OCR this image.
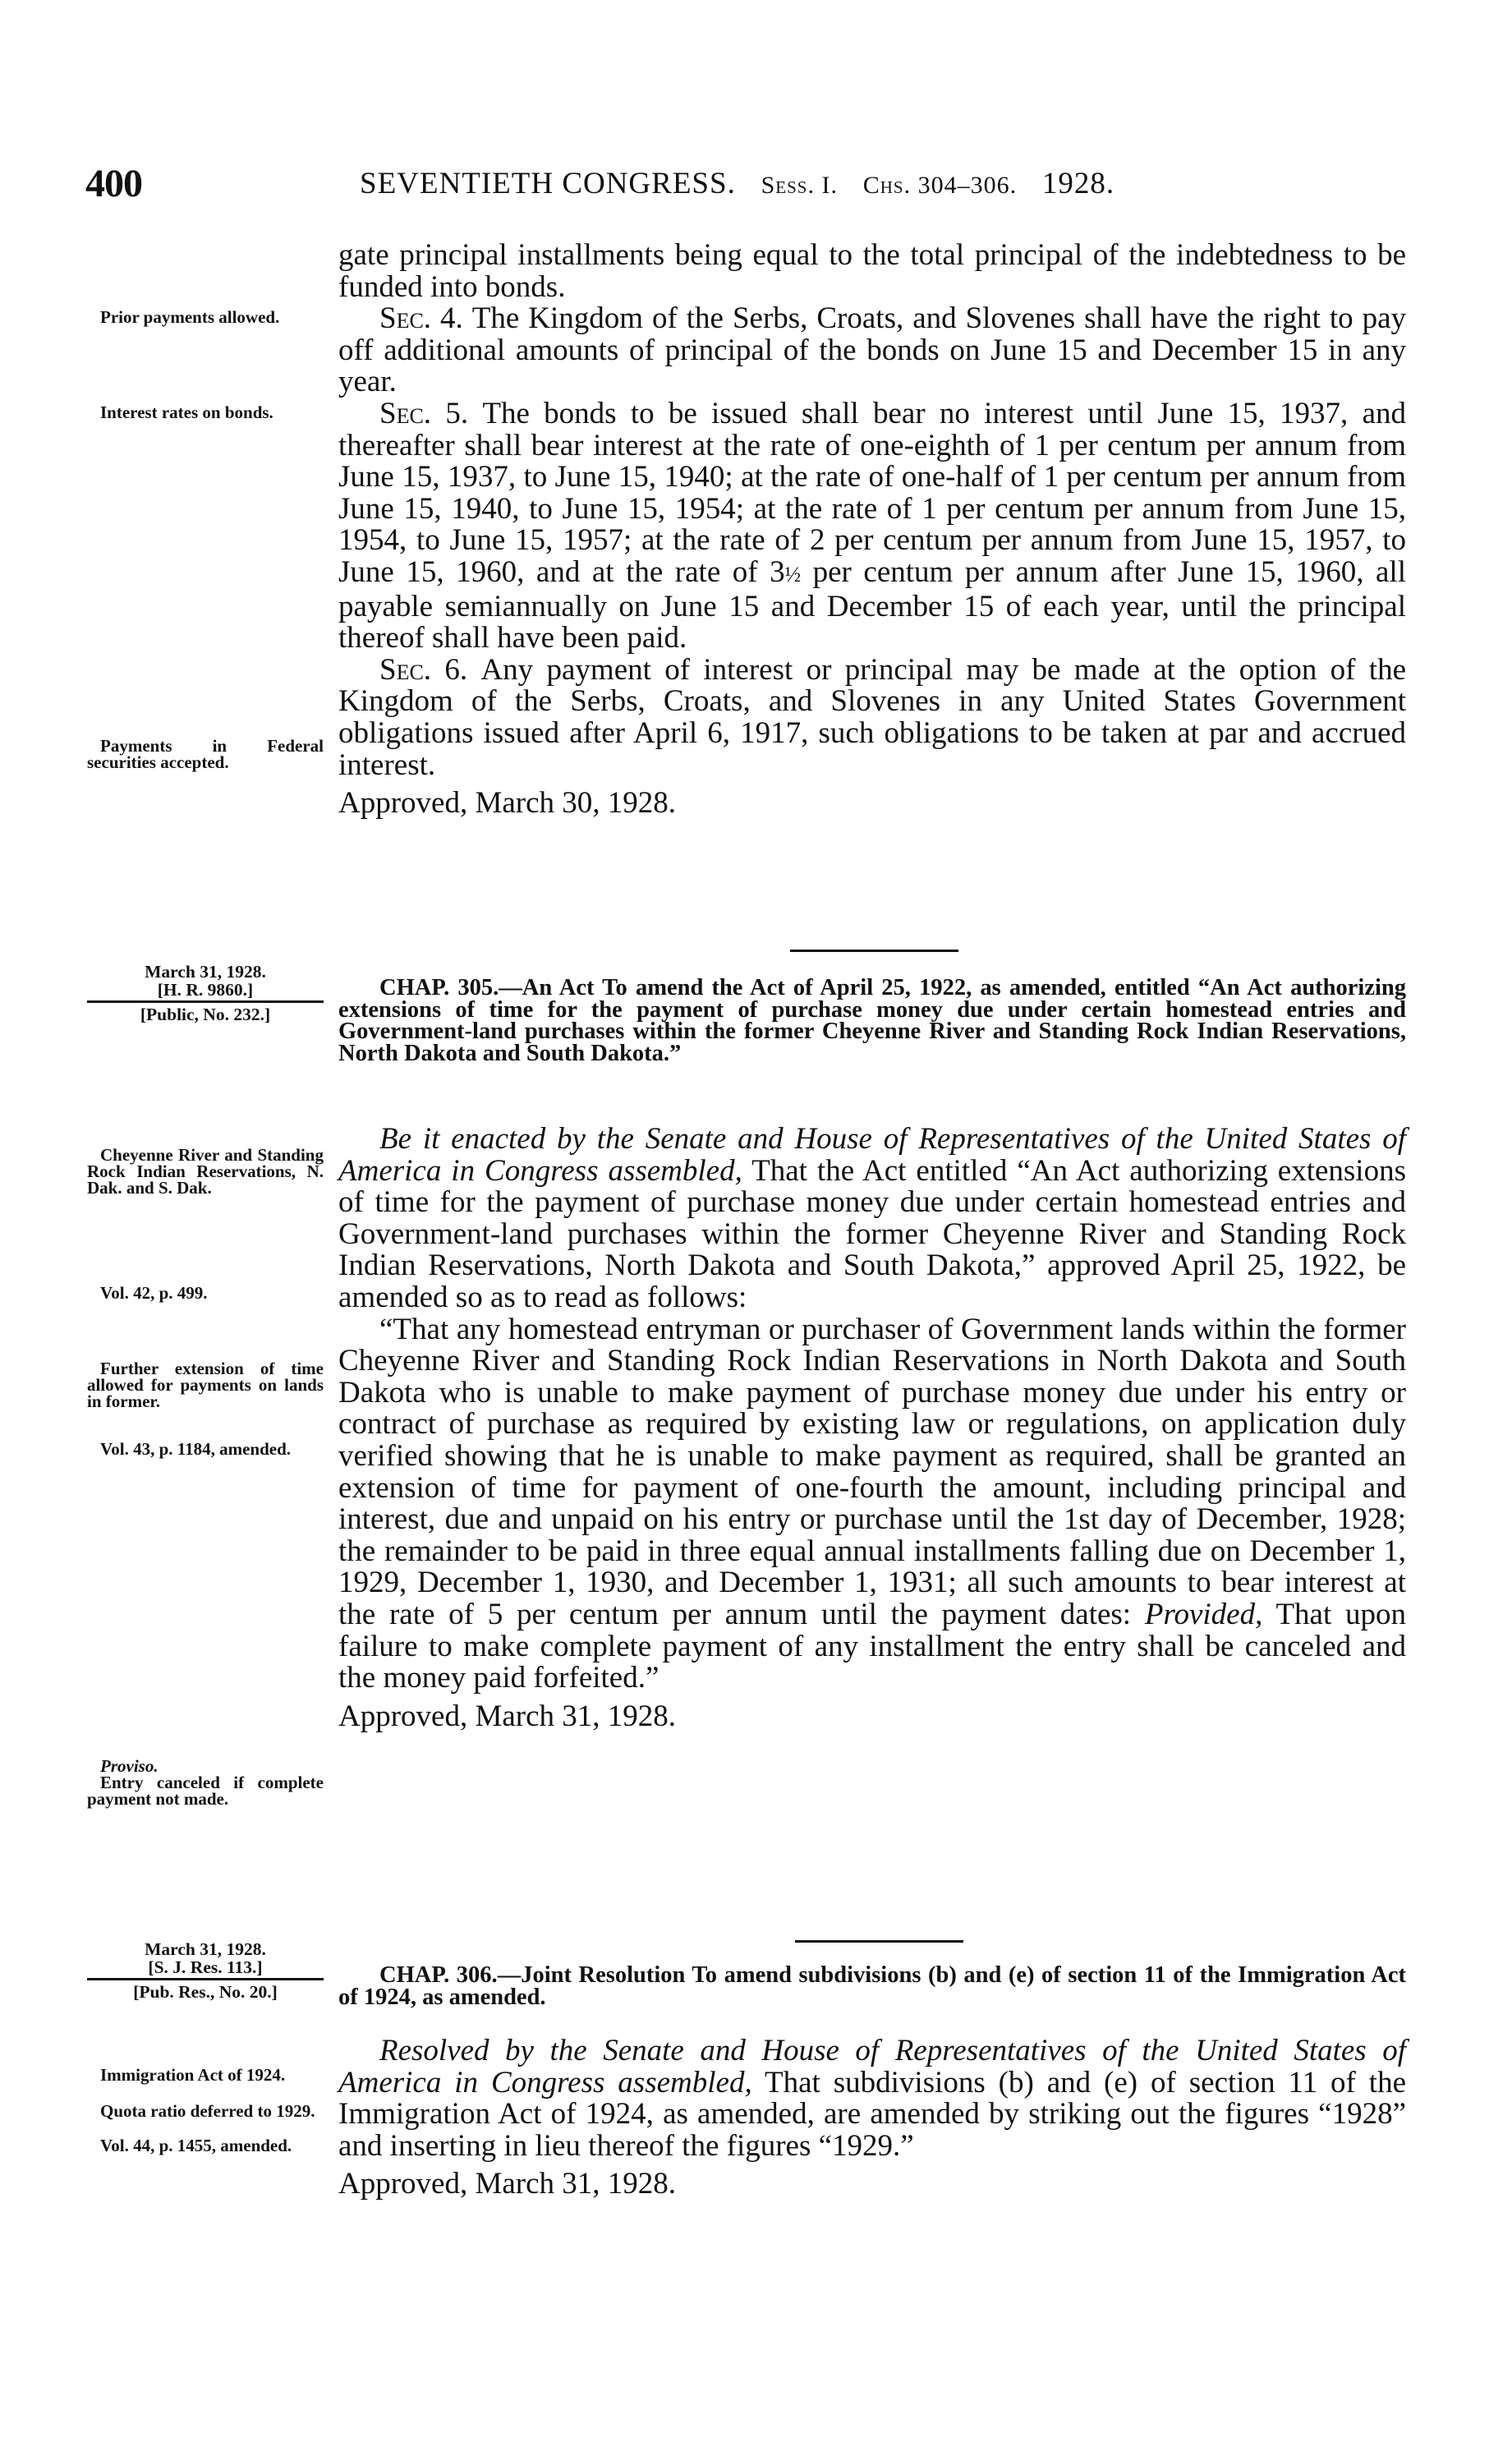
400	SEVENTIETH CONGRESS. Sess. I. Chs. 304–306. 1928.

gate principal installments being equal to the total principal of the indebtedness to be funded into bonds.

Sec. 4. The Kingdom of the Serbs, Croats, and Slovenes shall have the right to pay off additional amounts of principal of the bonds on June 15 and December 15 in any year.

Sec. 5. The bonds to be issued shall bear no interest until June 15, 1937, and thereafter shall bear interest at the rate of one-eighth of 1 per centum per annum from June 15, 1937, to June 15, 1940; at the rate of one-half of 1 per centum per annum from June 15, 1940, to June 15, 1954; at the rate of 1 per centum per annum from June 15, 1954, to June 15, 1957; at the rate of 2 per centum per annum from June 15, 1957, to June 15, 1960, and at the rate of 3½ per centum per annum after June 15, 1960, all payable semiannually on June 15 and December 15 of each year, until the principal thereof shall have been paid.

Sec. 6. Any payment of interest or principal may be made at the option of the Kingdom of the Serbs, Croats, and Slovenes in any United States Government obligations issued after April 6, 1917, such obligations to be taken at par and accrued interest.

Approved, March 30, 1928.

Prior payments allowed.

Interest rates on bonds.

Payments in Federal securities accepted.

March 31, 1928.
[H. R. 9860.]
[Public, No. 232.]

CHAP. 305.—An Act To amend the Act of April 25, 1922, as amended, entitled “An Act authorizing extensions of time for the payment of purchase money due under certain homestead entries and Government-land purchases within the former Cheyenne River and Standing Rock Indian Reservations, North Dakota and South Dakota.”

Be it enacted by the Senate and House of Representatives of the United States of America in Congress assembled, That the Act entitled “An Act authorizing extensions of time for the payment of purchase money due under certain homestead entries and Government-land purchases within the former Cheyenne River and Standing Rock Indian Reservations, North Dakota and South Dakota,” approved April 25, 1922, be amended so as to read as follows:

“That any homestead entryman or purchaser of Government lands within the former Cheyenne River and Standing Rock Indian Reservations in North Dakota and South Dakota who is unable to make payment of purchase money due under his entry or contract of purchase as required by existing law or regulations, on application duly verified showing that he is unable to make payment as required, shall be granted an extension of time for payment of one-fourth the amount, including principal and interest, due and unpaid on his entry or purchase until the 1st day of December, 1928; the remainder to be paid in three equal annual installments falling due on December 1, 1929, December 1, 1930, and December 1, 1931; all such amounts to bear interest at the rate of 5 per centum per annum until the payment dates: Provided, That upon failure to make complete payment of any installment the entry shall be canceled and the money paid forfeited.”

Approved, March 31, 1928.

Cheyenne River and Standing Rock Indian Reservations, N. Dak. and S. Dak.

Vol. 42, p. 499.

Further extension of time allowed for payments on lands in former.

Vol. 43, p. 1184, amended.

Proviso.

Entry canceled if complete payment not made.

March 31, 1928.
[S. J. Res. 113.]
[Pub. Res., No. 20.]

CHAP. 306.—Joint Resolution To amend subdivisions (b) and (e) of section 11 of the Immigration Act of 1924, as amended.

Resolved by the Senate and House of Representatives of the United States of America in Congress assembled, That subdivisions (b) and (e) of section 11 of the Immigration Act of 1924, as amended, are amended by striking out the figures “1928” and inserting in lieu thereof the figures “1929.”

Approved, March 31, 1928.

Immigration Act of 1924.

Quota ratio deferred to 1929.

Vol. 44, p. 1455, amended.
